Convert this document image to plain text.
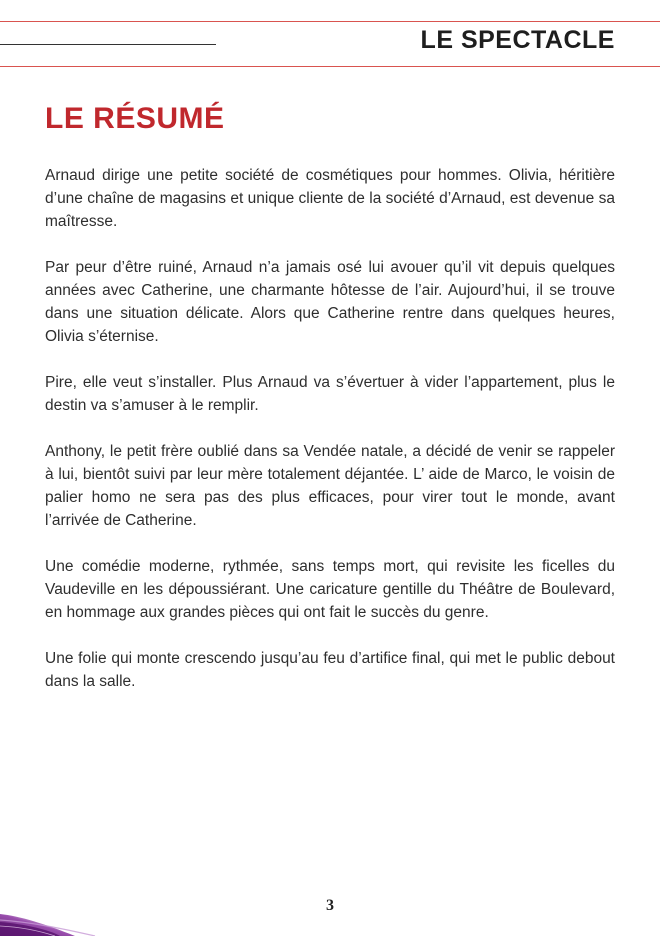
LE SPECTACLE
LE RÉSUMÉ

Arnaud dirige une petite société de cosmétiques pour hommes. Olivia, héritière d’une chaîne de magasins et unique cliente de la société d’Arnaud, est devenue sa maîtresse.

Par peur d’être ruiné, Arnaud n’a jamais osé lui avouer qu’il vit depuis quelques années avec Catherine, une charmante hôtesse de l’air. Aujourd’hui, il se trouve dans une situation délicate. Alors que Catherine rentre dans quelques heures, Olivia s’éternise.

Pire, elle veut s’installer. Plus Arnaud va s’évertuer à vider l’appartement, plus le destin va s’amuser à le remplir.

Anthony, le petit frère oublié dans sa Vendée natale, a décidé de venir se rappeler à lui, bientôt suivi par leur mère totalement déjantée. L’ aide de Marco, le voisin de palier homo ne sera pas des plus efficaces, pour virer tout le monde, avant l’arrivée de Catherine.

Une comédie moderne, rythmée, sans temps mort, qui revisite les ficelles du Vaudeville en les dépoussiérant. Une caricature gentille du Théâtre de Boulevard, en hommage aux grandes pièces qui ont fait le succès du genre.

Une folie qui monte crescendo jusqu’au feu d’artifice final, qui met le public debout dans la salle.

3
